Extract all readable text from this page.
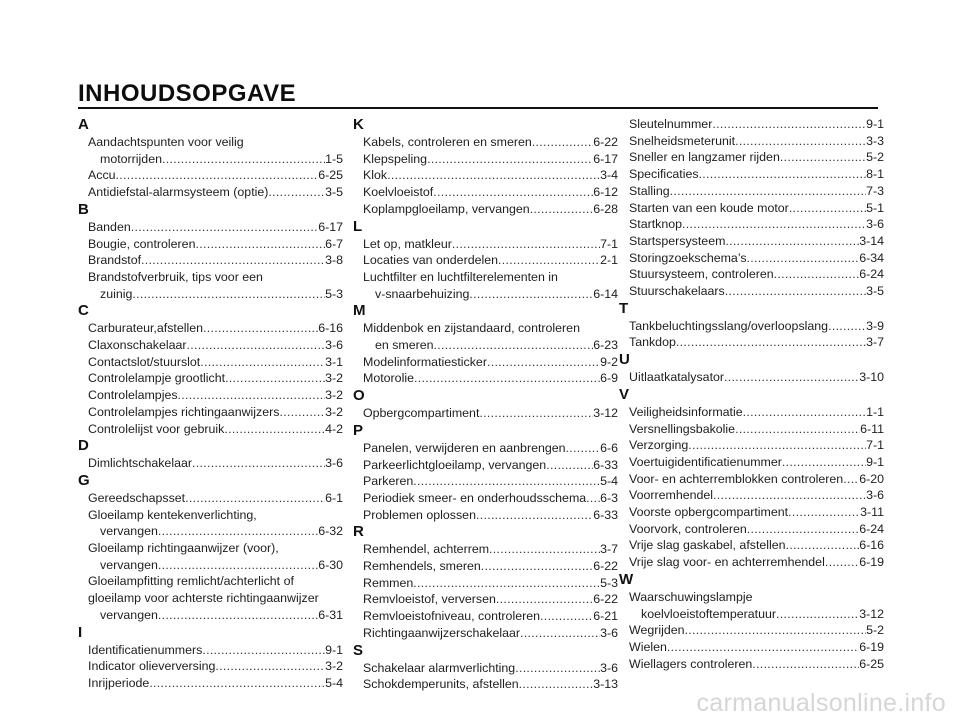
INHOUDSOPGAVE
A
Aandachtspunten voor veilig
motorrijden .....	1-5
Accu .....	6-25
Antidiefstal-alarmsysteem (optie) .....	3-5
B
Banden .....	6-17
Bougie, controleren .....	6-7
Brandstof .....	3-8
Brandstofverbruik, tips voor een
zuinig .....	5-3
C
Carburateur,afstellen .....	6-16
Claxonschakelaar .....	3-6
Contactslot/stuurslot .....	3-1
Controlelampje grootlicht .....	3-2
Controlelampjes .....	3-2
Controlelampjes richtingaanwijzers .....	3-2
Controlelijst voor gebruik .....	4-2
D
Dimlichtschakelaar .....	3-6
G
Gereedschapsset .....	6-1
Gloeilamp kentekenverlichting,
vervangen .....	6-32
Gloeilamp richtingaanwijzer (voor),
vervangen .....	6-30
Gloeilampfitting remlicht/achterlicht of
gloeilamp voor achterste richtingaanwijzer
vervangen .....	6-31
I
Identificatienummers .....	9-1
Indicator olieverversing .....	3-2
Inrijperiode .....	5-4
K
Kabels, controleren en smeren .....	6-22
Klepspeling .....	6-17
Klok .....	3-4
Koelvloeistof .....	6-12
Koplampgloeilamp, vervangen .....	6-28
L
Let op, matkleur .....	7-1
Locaties van onderdelen .....	2-1
Luchtfilter en luchtfilterelementen in
v-snaarbehuizing .....	6-14
M
Middenbok en zijstandaard, controleren
en smeren .....	6-23
Modelinformatiesticker .....	9-2
Motorolie .....	6-9
O
Opbergcompartiment .....	3-12
P
Panelen, verwijderen en aanbrengen .....	6-6
Parkeerlichtgloeilamp, vervangen .....	6-33
Parkeren .....	5-4
Periodiek smeer- en onderhoudsschema ..... 6-3
Problemen oplossen .....	6-33
R
Remhendel, achterrem .....	3-7
Remhendels, smeren .....	6-22
Remmen .....	5-3
Remvloeistof, verversen .....	6-22
Remvloeistofniveau, controleren .....	6-21
Richtingaanwijzerschakelaar .....	3-6
S
Schakelaar alarmverlichting .....	3-6
Schokdemperunits, afstellen .....	3-13
Sleutelnummer .....	9-1
Snelheidsmeterunit .....	3-3
Sneller en langzamer rijden .....	5-2
Specificaties .....	8-1
Stalling .....	7-3
Starten van een koude motor .....	5-1
Startknop .....	3-6
Startspersysteem .....	3-14
Storingzoekschema’s .....	6-34
Stuursysteem, controleren .....	6-24
Stuurschakelaars .....	3-5
T
Tankbeluchtingsslang/overloopslang .....	3-9
Tankdop .....	3-7
U
Uitlaatkatalysator .....	3-10
V
Veiligheidsinformatie .....	1-1
Versnellingsbakolie .....	6-11
Verzorging .....	7-1
Voertuigidentificatienummer .....	9-1
Voor- en achterremblokken controleren ..... 6-20
Voorremhendel .....	3-6
Voorste opbergcompartiment .....	3-11
Voorvork, controleren .....	6-24
Vrije slag gaskabel, afstellen .....	6-16
Vrije slag voor- en achterremhendel .....	6-19
W
Waarschuwingslampje
koelvloeistoftemperatuur .....	3-12
Wegrijden .....	5-2
Wielen .....	6-19
Wiellagers controleren .....	6-25
carmanualsonline.info
